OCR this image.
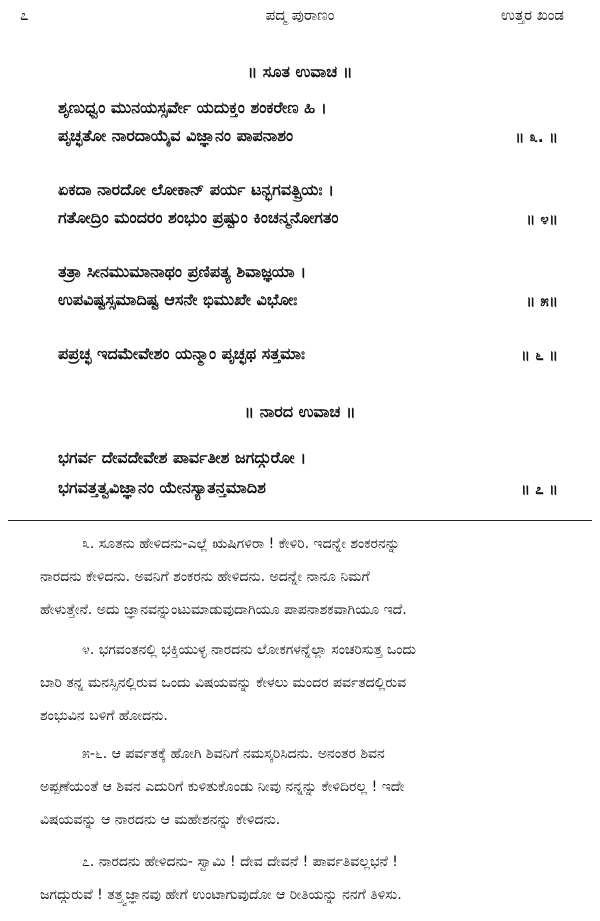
೭	ಪದ್ಮ ಪುರಾಣಂ	ಉತ್ತರ ಖಂಡ
॥ ಸೂತ ಉವಾಚ ॥
ಶೃಣುಧ್ವಂ ಮುನಯಸ್ಸರ್ವೇ ಯದುಕ್ತಂ ಶಂಕರೇಣ ಹಿ ।
ಪೃಚ್ಛತೋ ನಾರದಾಯೈವ ವಿಜ್ಞಾನಂ ಪಾಪನಾಶಂ	॥ ೩. ॥
ಏಕದಾ ನಾರದೋ ಲೋಕಾನ್ ಪರ್ಯ ಟನ್ಭಗವತ್ಪ್ರಿಯಃ ।
ಗತೋದ್ರಿಂ ಮಂದರಂ ಶಂಭುಂ ಪ್ರಷ್ಟುಂ ಕಿಂಚನ್ಮನೋಗತಂ	॥ ೪॥
ತತ್ರಾ ಸೀನಮುಮಾನಾಥಂ ಪ್ರಣಿಪತ್ಯ ಶಿವಾಜ್ಞಯಾ ।
ಉಪವಿಷ್ಟಸ್ಸಮಾದಿಷ್ಟ ಆಸನೇ ಭಿಮುಖೇ ವಿಭೋಃ	॥ ೫॥
ಪಪ್ರಚ್ಛ ಇದಮೇವೇಶಂ ಯನ್ಮಾಂ ಪೃಚ್ಛಥ ಸತ್ತಮಾಃ	॥ ೬ ॥
॥ ನಾರದ ಉವಾಚ ॥
ಭಗರ್ವ ದೇವದೇವೇಶ ಪಾರ್ವತೀಶ ಜಗದ್ಗುರೋ ।
ಭಗವತ್ತತ್ವವಿಜ್ಞಾನಂ ಯೇನಸ್ಯಾತನ್ತಮಾದಿಶ	॥ ೭ ॥
೩. ಸೂತನು ಹೇಳಿದನು-ಎಲ್ಲೆ ಋಷಿಗಳಿರಾ ! ಕೇಳಿರಿ. ಇದನ್ನೇ ಶಂಕರನನ್ನು
ನಾರದನು ಕೇಳಿದನು. ಅವನಿಗೆ ಶಂಕರನು ಹೇಳಿದನು. ಅದನ್ನೇ ನಾನೂ ನಿಮಗೆ
ಹೇಳುತ್ತೇನೆ. ಅದು ಜ್ಞಾನವನ್ನುಂಟುಮಾಡುವುದಾಗಿಯೂ ಪಾಪನಾಶಕವಾಗಿಯೂ ಇದೆ.
೪. ಭಗವಂತನಲ್ಲಿ ಭಕ್ತಿಯುಳ್ಳ ನಾರದನು ಲೋಕಗಳನ್ನೆಲ್ಲಾ ಸಂಚರಿಸುತ್ತ ಒಂದು
ಬಾರಿ ತನ್ನ ಮನಸ್ಸಿನಲ್ಲಿರುವ ಒಂದು ವಿಷಯವನ್ನು ಕೇಳಲು ಮಂದರ ಪರ್ವತದಲ್ಲಿರುವ
ಶಂಭುವಿನ ಬಳಿಗೆ ಹೋದನು.
೫-೬. ಆ ಪರ್ವತಕ್ಕೆ ಹೋಗಿ ಶಿವನಿಗೆ ನಮಸ್ಕರಿಸಿದನು. ಅನಂತರ ಶಿವನ
ಅಪ್ಪಣೆಯಂತೆ ಆ ಶಿವನ ಎದುರಿಗೆ ಕುಳಿತುಕೊಂಡು ನೀವು ನನ್ನನ್ನು ಕೇಳಿದಿರಲ್ಲ ! ಇದೇ
ವಿಷಯವನ್ನು ಆ ನಾರದನು ಆ ಮಹೇಶನನ್ನು ಕೇಳಿದನು.
೭. ನಾರದನು ಹೇಳಿದನು- ಸ್ವಾಮಿ ! ದೇವ ದೇವನೆ ! ಪಾರ್ವತಿವಲ್ಲಭನೆ !
ಜಗದ್ಗುರುವೆ ! ತತ್ತ್ವಜ್ಞಾನವು ಹೇಗೆ ಉಂಟಾಗುವುದೋ ಆ ರೀತಿಯನ್ನು ನನಗೆ ತಿಳಿಸು.
